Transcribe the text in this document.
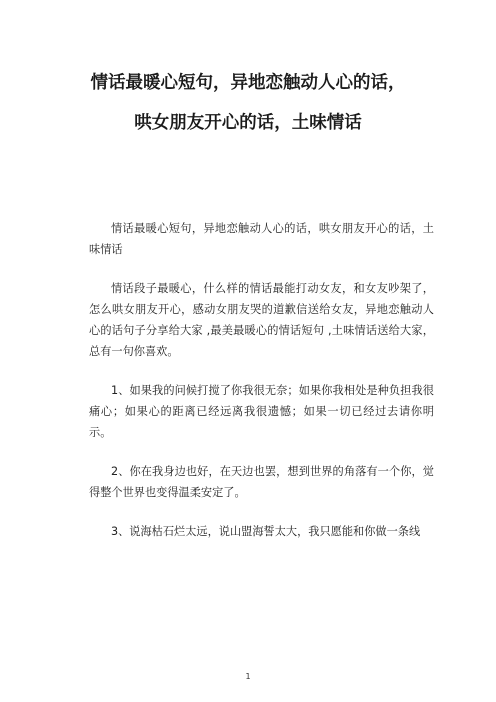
情话最暖心短句，异地恋触动人心的话，
哄女朋友开心的话，土味情话

情话最暖心短句，异地恋触动人心的话，哄女朋友开心的话，土味情话

情话段子最暖心，什么样的情话最能打动女友，和女友吵架了，怎么哄女朋友开心，感动女朋友哭的道歉信送给女友，异地恋触动人心的话句子分享给大家 ,最美最暖心的情话短句 ,土味情话送给大家，总有一句你喜欢。

1、如果我的问候打搅了你我很无奈；如果你我相处是种负担我很痛心；如果心的距离已经远离我很遗憾；如果一切已经过去请你明示。

2、你在我身边也好，在天边也罢，想到世界的角落有一个你，觉得整个世界也变得温柔安定了。

3、说海枯石烂太远，说山盟海誓太大，我只愿能和你做一条线

1
